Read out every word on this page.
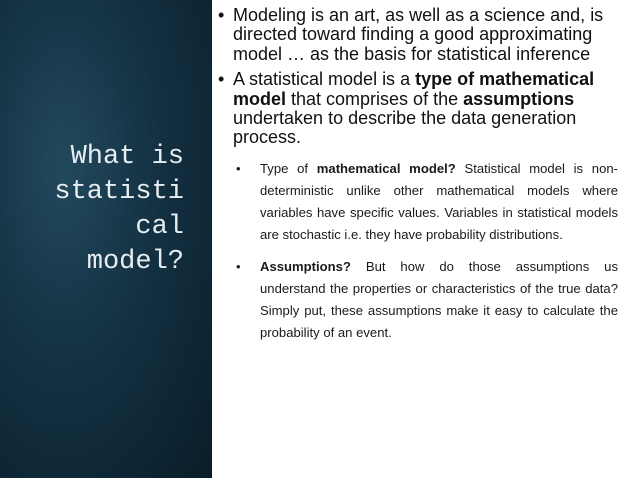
What is
statisti
cal
model?
• Modeling is an art, as well as a science and, is directed toward finding a good approximating model … as the basis for statistical inference
• A statistical model is a type of mathematical model that comprises of the assumptions undertaken to describe the data generation process.
• Type of mathematical model? Statistical model is non-deterministic unlike other mathematical models where variables have specific values. Variables in statistical models are stochastic i.e. they have probability distributions.
• Assumptions? But how do those assumptions us understand the properties or characteristics of the true data? Simply put, these assumptions make it easy to calculate the probability of an event.
